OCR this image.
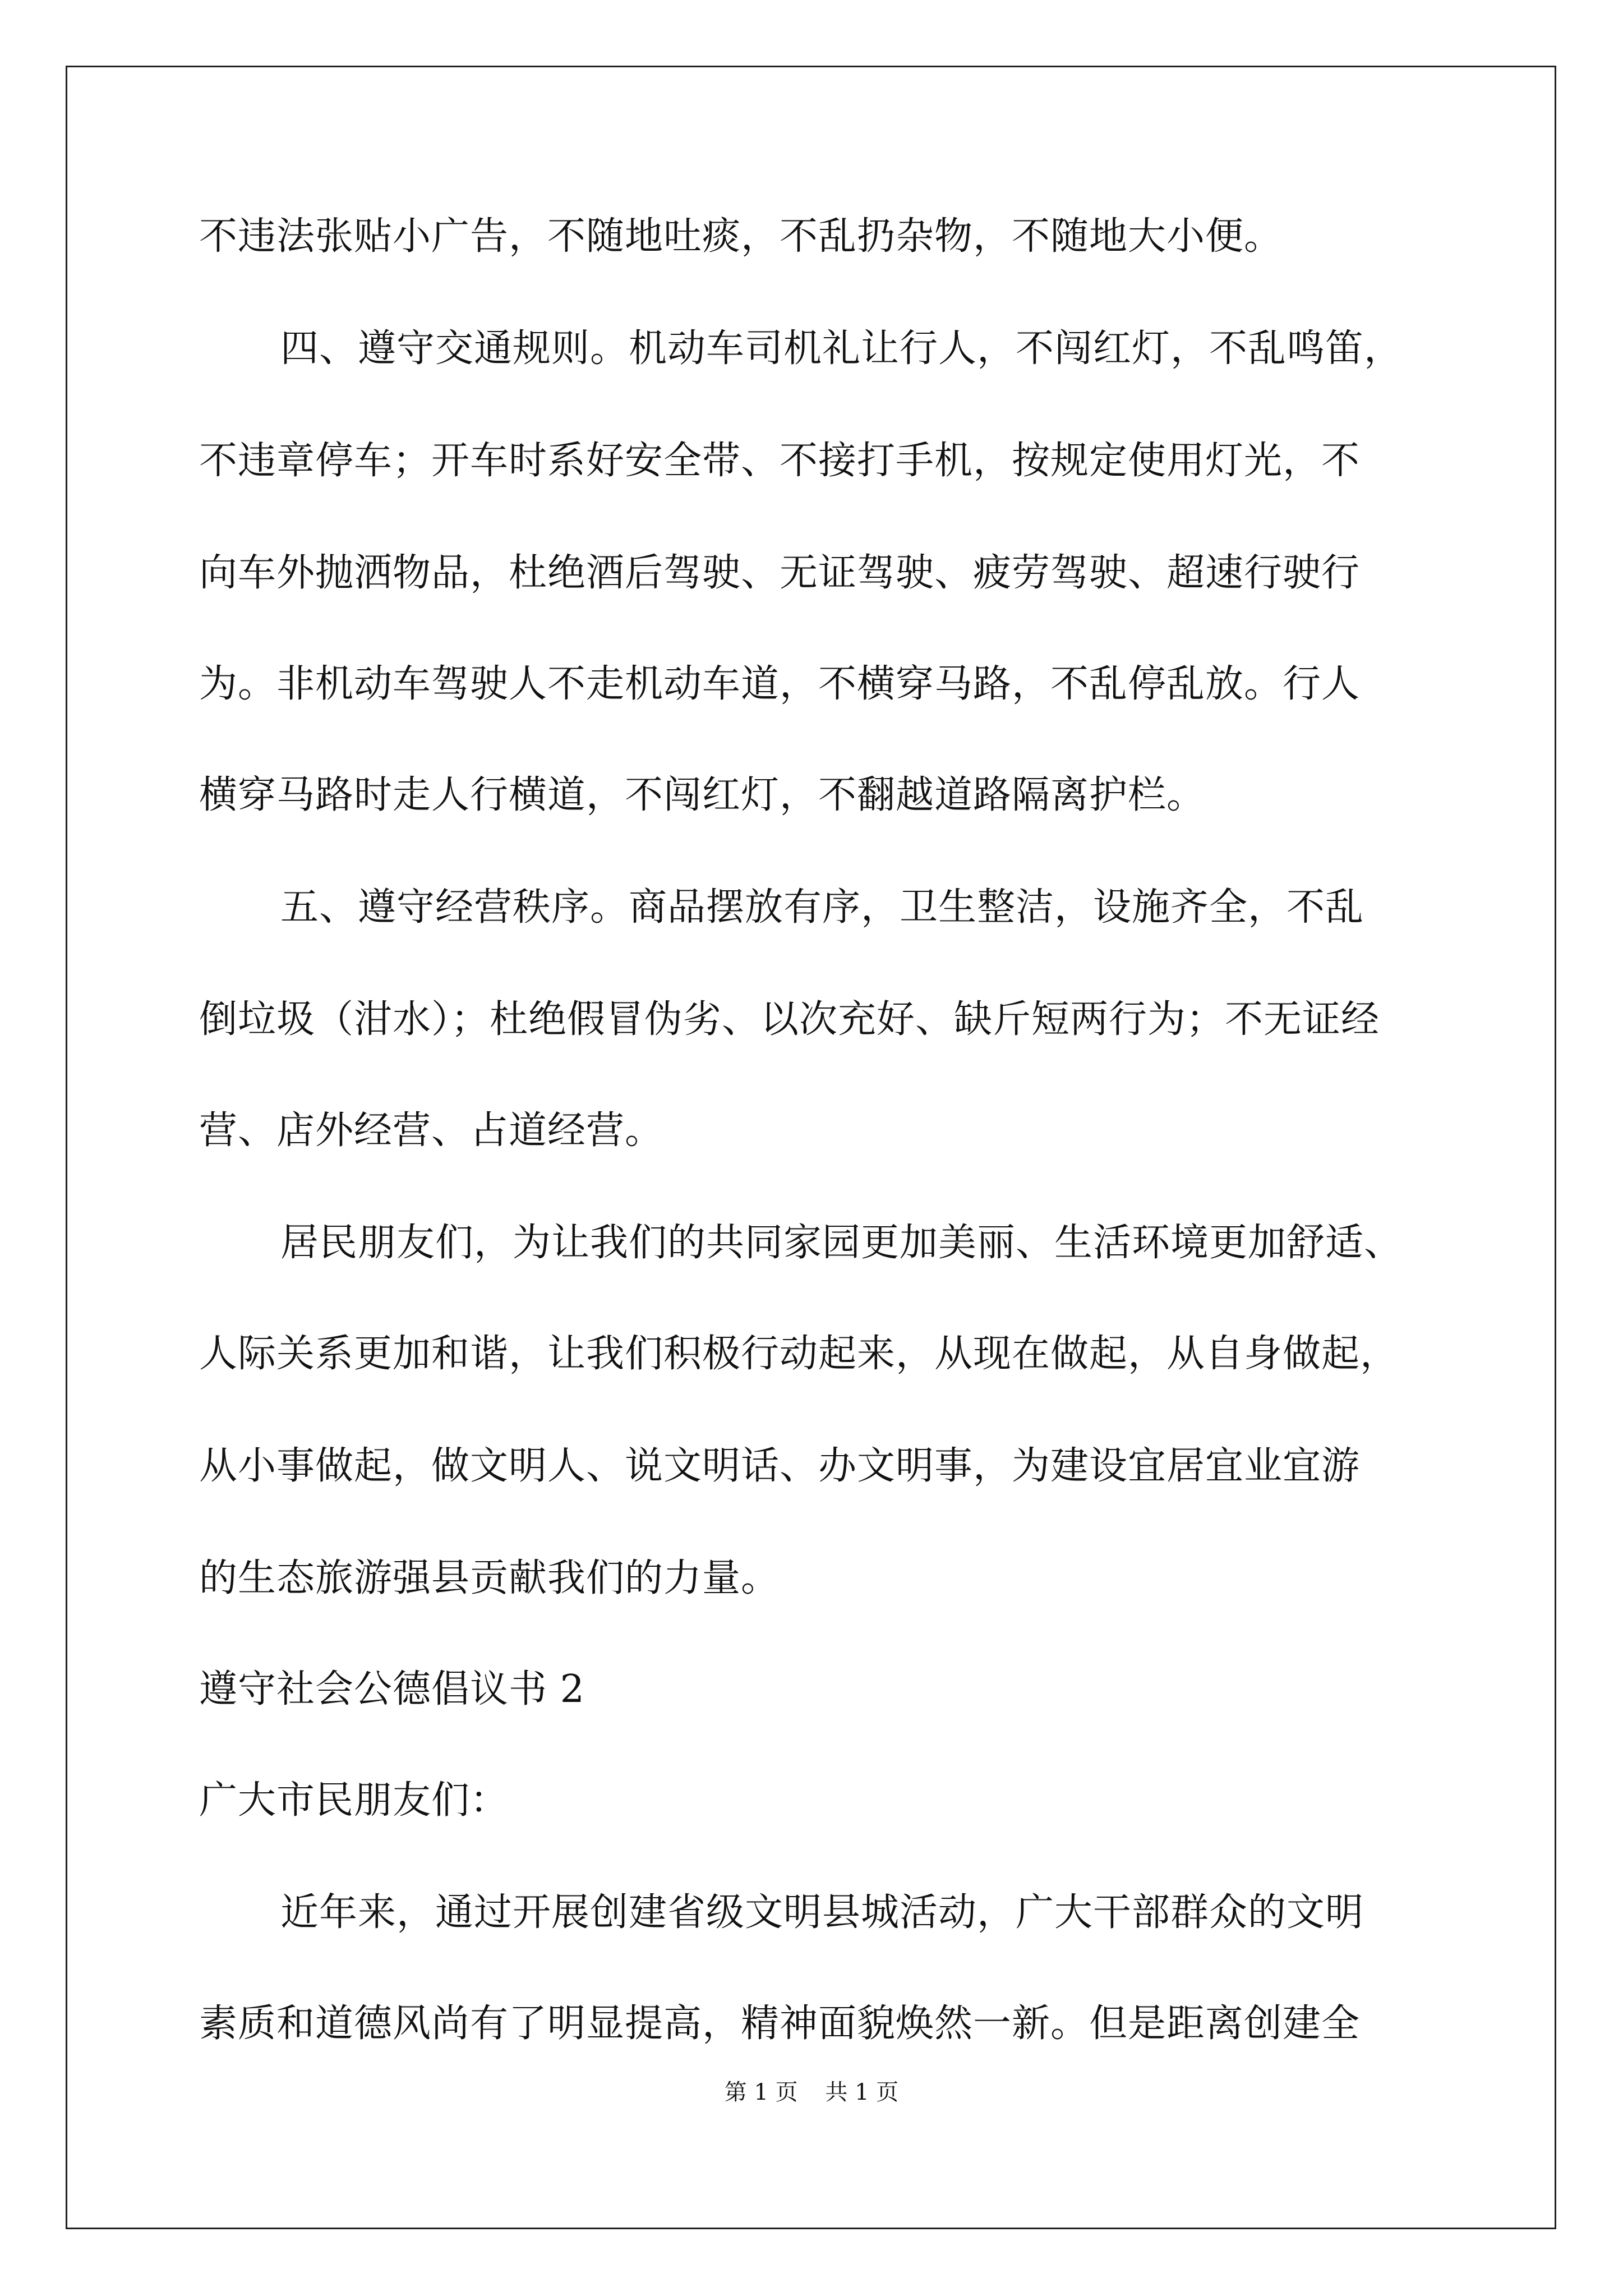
不违法张贴小广告，不随地吐痰，不乱扔杂物，不随地大小便。
四、遵守交通规则。机动车司机礼让行人，不闯红灯，不乱鸣笛，
不违章停车；开车时系好安全带、不接打手机，按规定使用灯光，不
向车外抛洒物品，杜绝酒后驾驶、无证驾驶、疲劳驾驶、超速行驶行
为。非机动车驾驶人不走机动车道，不横穿马路，不乱停乱放。行人
横穿马路时走人行横道，不闯红灯，不翻越道路隔离护栏。
五、遵守经营秩序。商品摆放有序，卫生整洁，设施齐全，不乱
倒垃圾（泔水）；杜绝假冒伪劣、以次充好、缺斤短两行为；不无证经
营、店外经营、占道经营。
居民朋友们，为让我们的共同家园更加美丽、生活环境更加舒适、
人际关系更加和谐，让我们积极行动起来，从现在做起，从自身做起，
从小事做起，做文明人、说文明话、办文明事，为建设宜居宜业宜游
的生态旅游强县贡献我们的力量。
遵守社会公德倡议书 2
广大市民朋友们：
近年来，通过开展创建省级文明县城活动，广大干部群众的文明
素质和道德风尚有了明显提高，精神面貌焕然一新。但是距离创建全
第 1 页 共 1 页
